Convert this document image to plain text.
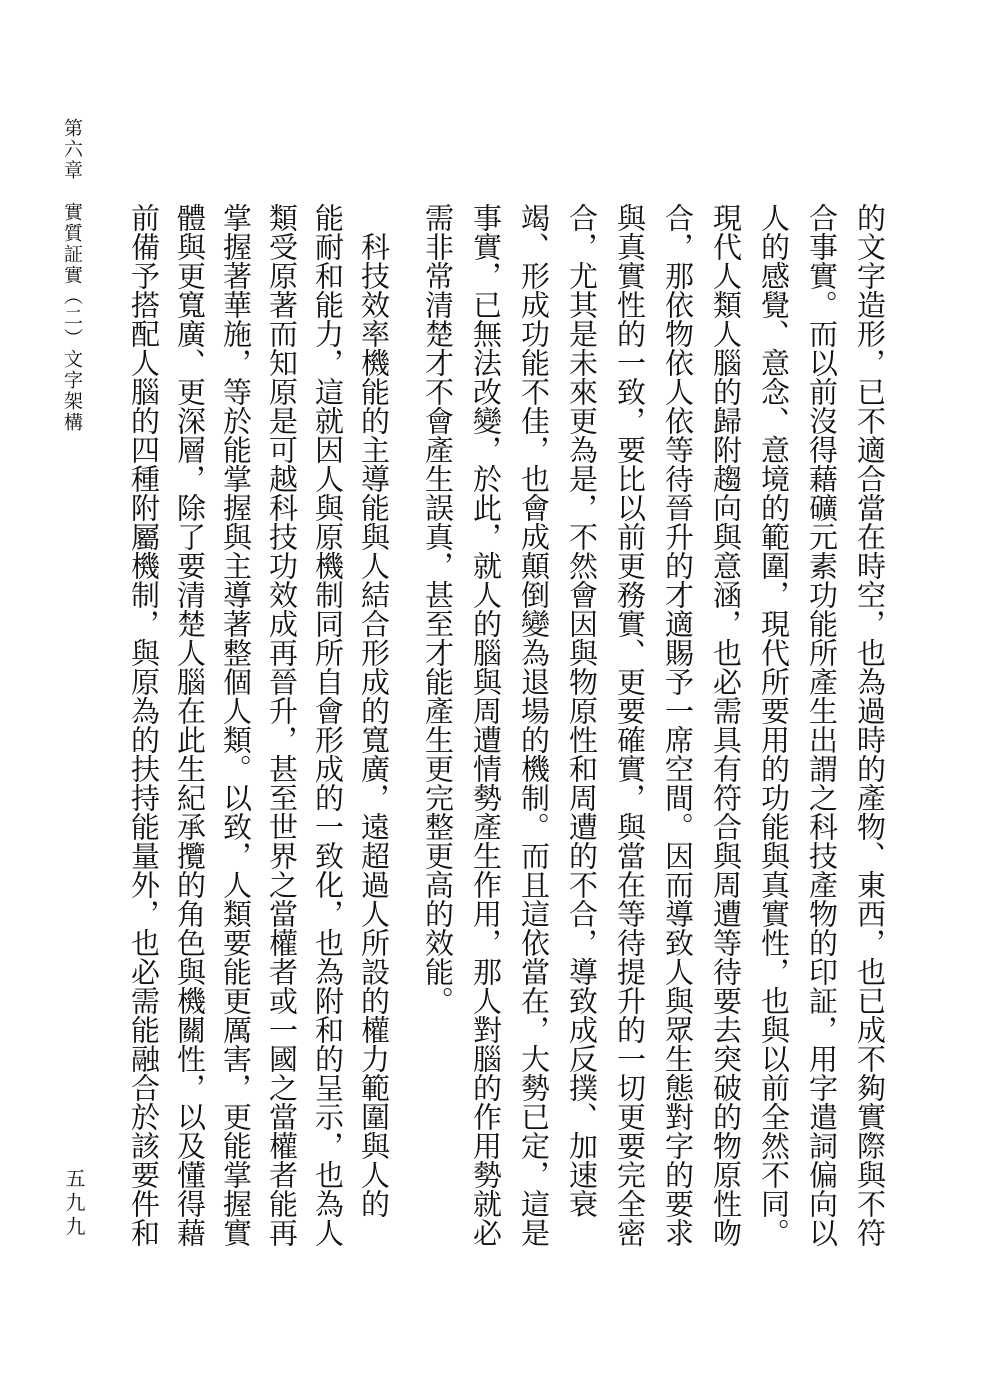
第六章　實質証實（二）文字架構	的文字造形，已不適合當在時空，也為過時的產物、東西，也已成不夠實際與不符
合事實。而以前沒得藉礦元素功能所產生出謂之科技產物的印証，用字遣詞偏向以
人的感覺、意念、意境的範圍，現代所要用的功能與真實性，也與以前全然不同。
現代人類人腦的歸附趨向與意涵，也必需具有符合與周遭等待要去突破的物原性吻
合，那依物依人依等待晉升的才適賜予一席空間。因而導致人與眾生態對字的要求
與真實性的一致，要比以前更務實、更要確實，與當在等待提升的一切更要完全密
合，尤其是未來更為是，不然會因與物原性和周遭的不合，導致成反撲、加速衰
竭、形成功能不佳，也會成顛倒變為退場的機制。而且這依當在，大勢已定，這是
事實，已無法改變，於此，就人的腦與周遭情勢產生作用，那人對腦的作用勢就必
需非常清楚才不會產生誤真，甚至才能產生更完整更高的效能。
　科技效率機能的主導能與人結合形成的寬廣，遠超過人所設的權力範圍與人的
能耐和能力，這就因人與原機制同所自會形成的一致化，也為附和的呈示，也為人
類受原著而知原是可越科技功效成再晉升，甚至世界之當權者或一國之當權者能再
掌握著華施，等於能掌握與主導著整個人類。以致，人類要能更厲害，更能掌握實
體與更寬廣、更深層，除了要清楚人腦在此生紀承攬的角色與機關性，以及懂得藉
前備予搭配人腦的四種附屬機制，與原為的扶持能量外，也必需能融合於該要件和
五九九
